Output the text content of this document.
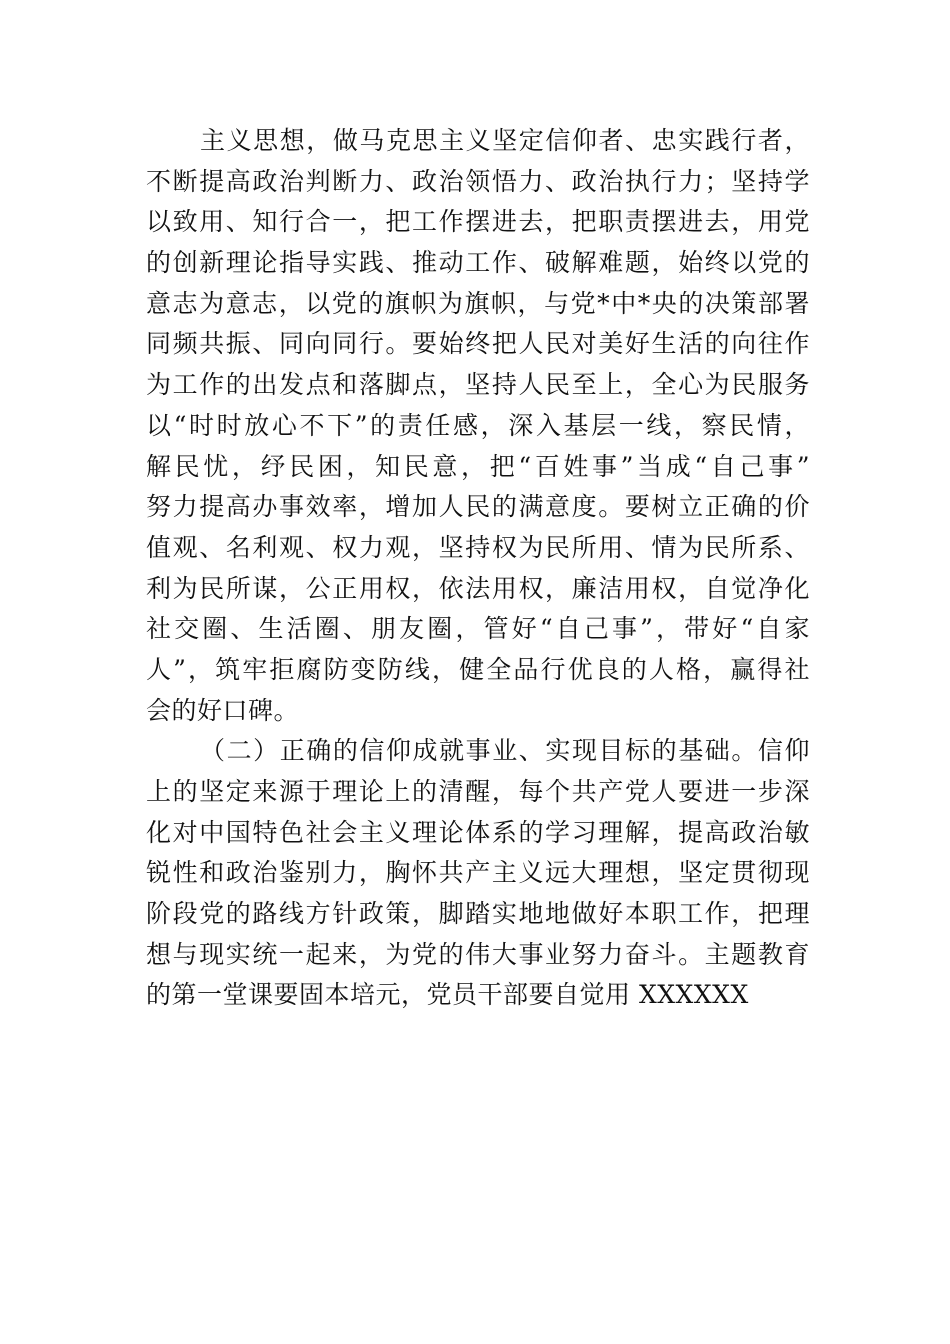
主义思想，做马克思主义坚定信仰者、忠实践行者，
不断提高政治判断力、政治领悟力、政治执行力；坚持学
以致用、知行合一，把工作摆进去，把职责摆进去，用党
的创新理论指导实践、推动工作、破解难题，始终以党的
意志为意志，以党的旗帜为旗帜，与党*中*央的决策部署
同频共振、同向同行。要始终把人民对美好生活的向往作
为工作的出发点和落脚点，坚持人民至上，全心为民服务
以“时时放心不下”的责任感，深入基层一线，察民情，
解民忧，纾民困，知民意，把“百姓事”当成“自己事”
努力提高办事效率，增加人民的满意度。要树立正确的价
值观、名利观、权力观，坚持权为民所用、情为民所系、
利为民所谋，公正用权，依法用权，廉洁用权，自觉净化
社交圈、生活圈、朋友圈，管好“自己事”，带好“自家
人”，筑牢拒腐防变防线，健全品行优良的人格，赢得社
会的好口碑。
（二）正确的信仰成就事业、实现目标的基础。信仰
上的坚定来源于理论上的清醒，每个共产党人要进一步深
化对中国特色社会主义理论体系的学习理解，提高政治敏
锐性和政治鉴别力，胸怀共产主义远大理想，坚定贯彻现
阶段党的路线方针政策，脚踏实地地做好本职工作，把理
想与现实统一起来，为党的伟大事业努力奋斗。主题教育
的第一堂课要固本培元，党员干部要自觉用 XXXXXX
